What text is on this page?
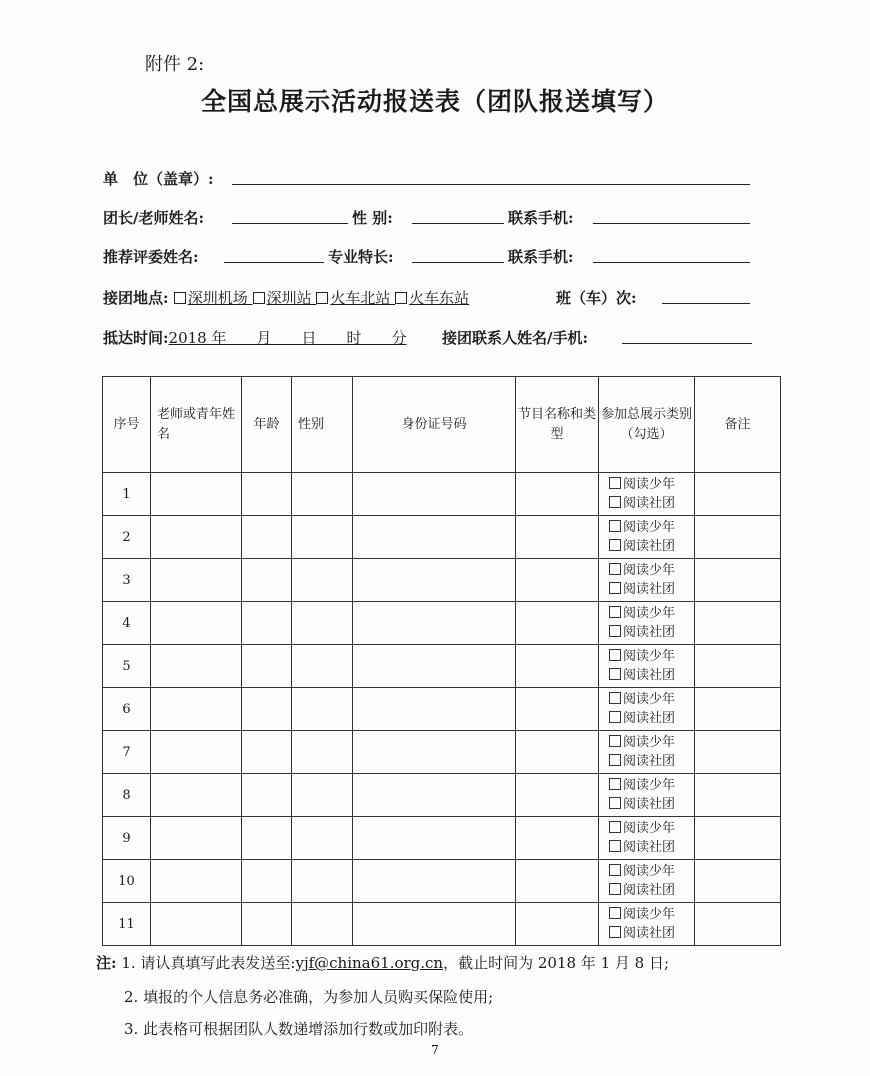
附件 2:
全国总展示活动报送表（团队报送填写）
单　位（盖章）:
团长/老师姓名:	性 别:	联系手机:
推荐评委姓名:	专业特长:	联系手机:
接团地点: 深圳机场 深圳站 火车北站 火车东站	班（车）次:
抵达时间:2018 年　　月　　日　　时　　分 接团联系人姓名/手机:
序号	老师或青年姓名	年龄	性别	身份证号码	节目名称和类型	参加总展示类别（勾选）	备注
1						阅读少年
阅读社团	

2						阅读少年
阅读社团	

3						阅读少年
阅读社团	

4						阅读少年
阅读社团	

5						阅读少年
阅读社团	

6						阅读少年
阅读社团	

7						阅读少年
阅读社团	

8						阅读少年
阅读社团	

9						阅读少年
阅读社团	

10						阅读少年
阅读社团	

11						阅读少年
阅读社团	

注: 1. 请认真填写此表发送至:yjf@china61.org.cn，截止时间为 2018 年 1 月 8 日;
2. 填报的个人信息务必准确，为参加人员购买保险使用;
3. 此表格可根据团队人数递增添加行数或加印附表。
7
